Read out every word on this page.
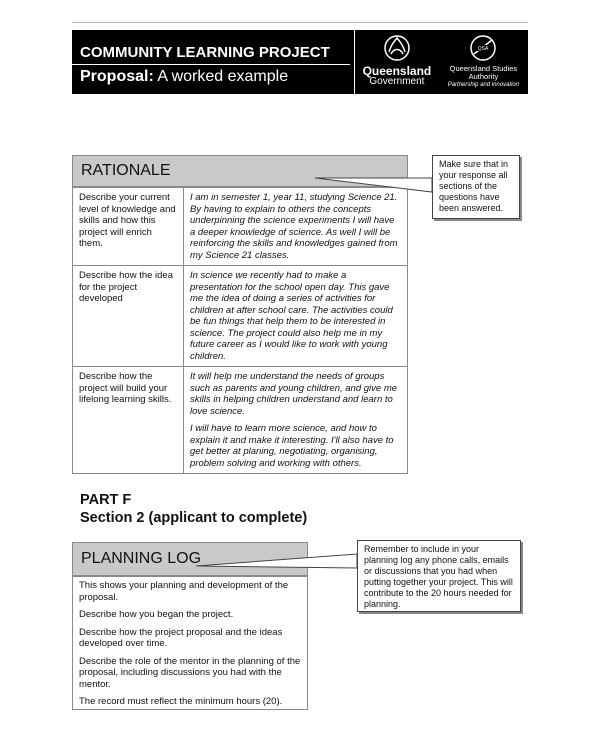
COMMUNITY LEARNING PROJECT
Proposal: A worked example	Queensland
Government
QSA
Queensland Studies Authority
Partnership and innovation
RATIONALE
Describe your current level of knowledge and skills and how this project will enrich them.	I am in semester 1, year 11, studying Science 21. By having to explain to others the concepts underpinning the science experiments I will have a deeper knowledge of science. As well I will be reinforcing the skills and knowledges gained from my Science 21 classes.
Describe how the idea for the project developed	In science we recently had to make a presentation for the school open day. This gave me the idea of doing a series of activities for children at after school care. The activities could be fun things that help them to be interested in science. The project could also help me in my future career as I would like to work with young children.
Describe how the project will build your lifelong learning skills.	It will help me understand the needs of groups such as parents and young children, and give me skills in helping children understand and learn to love science.

I will have to learn more science, and how to explain it and make it interesting. I'll also have to get better at planing, negotiating, organising, problem solving and working with others.

Make sure that in your response all sections of the questions have been answered.
PART F
Section 2 (applicant to complete)
PLANNING LOG

This shows your planning and development of the proposal.

Describe how you began the project.

Describe how the project proposal and the ideas developed over time.

Describe the role of the mentor in the planning of the proposal, including discussions you had with the mentor.

The record must reflect the minimum hours (20).

Remember to include in your planning log any phone calls, emails or discussions that you had when putting together your project. This will contribute to the 20 hours needed for planning.
